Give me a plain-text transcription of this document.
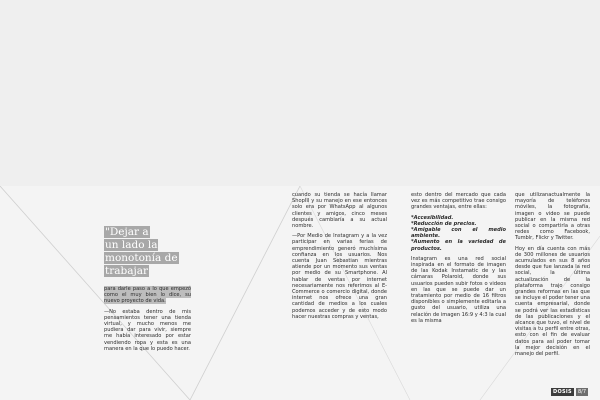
"Dejar a
un lado la
monotonía de
trabajar

para darle paso a lo que empezó como el muy bien lo dice, su nuevo proyecto de vida.

—No estaba dentro de mis pensamientos tener una tienda virtual, y mucho menos me pudiera dar para vivir, siempre me había interesado por estar vendiendo ropa y esta es una manera en la que lo puedo hacer.

cuando su tienda se hacía llamar ShopIII y su manejo en ese entonces solo era por WhatsApp al algunos clientes y amigos, cinco meses después cambiaría a su actual nombre.

—Por Medio de Instagram y a la vez participar en varias ferias de emprendimiento generó muchísima confianza en los usuarios. Nos cuenta Juan Sebastian mientras atiende por un momento sus ventas por medio de su Smartphone. Al hablar de ventas por internet necesariamente nos referimos al E-Commerce o comercio digital, donde internet nos ofrece una gran cantidad de medios a los cuales podemos acceder y de esto modo hacer nuestras compras y ventas,

esto dentro del mercado que cada vez es más competitivo trae consigo grandes ventajas, entre ellas:

*Accesibilidad.
*Reducción de precios.
*Amigable con el medio ambiente.
*Aumento en la variedad de productos.

Instagram es una red social inspirada en el formato de imagen de las Kodak Instamatic de y las cámaras Polaroid, donde sus usuarios pueden subir fotos o videos en las que se puede dar un tratamiento por medio de 16 filtros disponibles o simplemente editarla a gusto del usuario, utiliza una relación de imagen 16:9 y 4:3 la cual es la misma

que utilizanactualmente la mayoría de teléfonos móviles, la fotografía, imagen o video se puede publicar en la misma red social o compartirla a otras redes como Facebook, Tumblr, Flickr y Twitter.

Hoy en día cuenta con más de 300 millones de usuarios acumulados en sus 8 años desde que fue lanzada la red social, la última actualización de la plataforma trajo consigo grandes reformas en las que se incluye el poder tener una cuenta empresarial, donde se podrá ver las estadísticas de las publicaciones y el alcance que tuvo, el nivel de visitas a tu perfil entre otras, esto con el fin de evaluar datos para así poder tomar la mejor decisión en el manejo del perfil.

DOSIS	8/7
